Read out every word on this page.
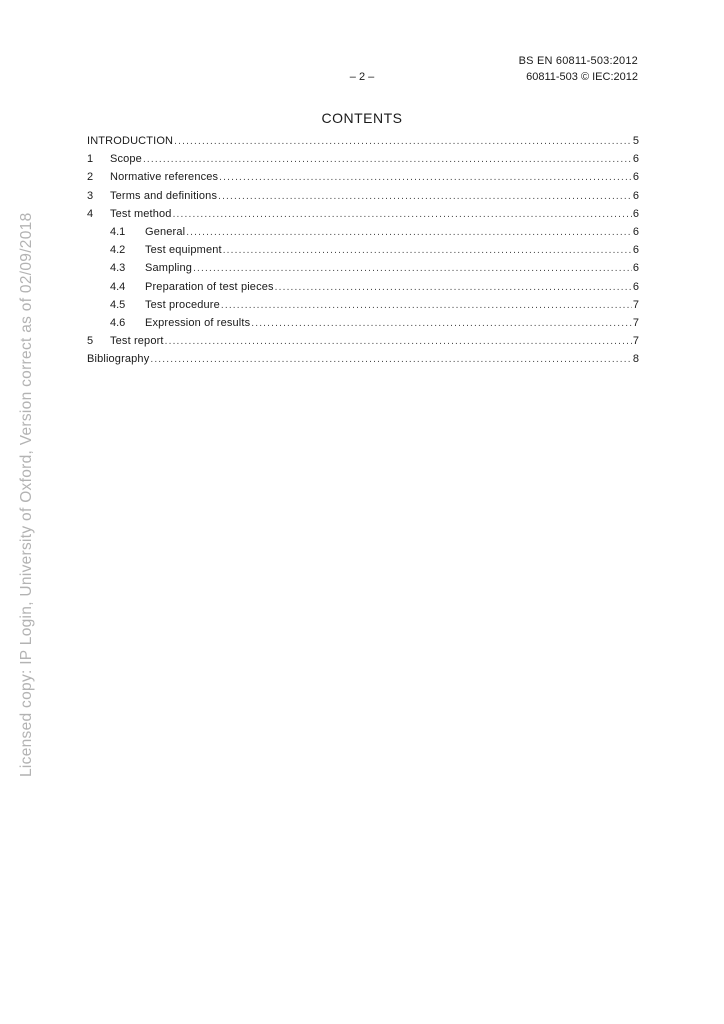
BS EN 60811-503:2012
– 2 –	60811-503 © IEC:2012
CONTENTS
INTRODUCTION .....	5
1	Scope .....	6
2	Normative references .....	6
3	Terms and definitions .....	6
4	Test method .....	6
4.1	General .....	6
4.2	Test equipment .....	6
4.3	Sampling .....	6
4.4	Preparation of test pieces .....	6
4.5	Test procedure .....	7
4.6	Expression of results .....	7
5	Test report .....	7
Bibliography .....	8
Licensed copy: IP Login, University of Oxford, Version correct as of 02/09/2018
